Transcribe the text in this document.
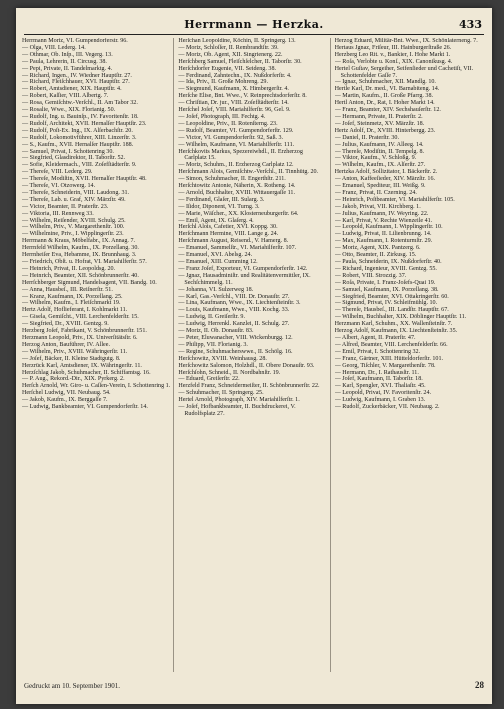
Herrmann — Herzka.	433
Herrmann Moriz, VI. Gumpendorferstr. 96.
— Olga, VIII. Lederg. 14.
— Othmar, Ob. Inſp., III. Vegerg. 13.
— Paula, Lehrerin, II. Circusg. 38.
— Pepi, Private, II. Tandelmarktg. 4.
— Richard, Ingen., IV. Wiedner Hauptſtr. 27.
— Richard, Fleiſchhauer, XVI. Hauptſtr. 27.
— Robert, Amtsdiener, XIX. Hauptſtr. 4.
— Robert, Kaſſier, VIII. Albertg. 7.
— Rosa, Gemiſchtw.-Verſchl., II. Am Tabor 32.
— Rosalie, Wwe., XIX. Florianig. 50.
— Rudolf, Ing. u. Bauinſp., IV. Favoritenſtr. 18.
— Rudolf, Architekt, XVII. Hernalſer Hauptſtr. 23.
— Rudolf, Poſt-Ex. Ing., IX. Alſerbachſtr. 20.
— Rudolf, Lokomotivführer, XIII. Linzerſtr. 3.
— S., Kaufm., XVII. Hernalſer Hauptſtr. 188.
— Samuel, Privat, I. Schottenring 30.
— Siegfried, Glasdirektor, II. Taborſtr. 52.
— Sofie, Kleidermach., VIII. Zoſefſtädterſtr. 9.
— Thereſe, VIII. Lederg. 29.
— Thereſe, Modiſtin, XVII. Hernalſer Hauptſtr. 48.
— Thereſe, VI. Otzowerg. 14.
— Thereſe, Schneiderin, VIII. Laudong. 31.
— Thereſe, Lab. u. Graf, XIV. Märzſtr. 49.
— Victor, Beamter, II. Praterſtr. 23.
— Viktoria, III. Rennweg 33.
— Wilhelm, Reiſender, XVIII. Schulg. 25.
— Wilhelm, Priv., V. Margarethenſtr. 100.
— Wilhelmine, Priv., I. Wipplingerſtr. 23.
Herrmann & Kraus, Möbelfabr., IX. Annag. 7.
Herrnfeld Wilhelm, Kaufm., IX. Porzellang. 30.
Herrnheiſer Eva, Hebamme, IX. Brunnhaug. 3.
— Friedrich, Obſt. u. Hofrat, VI. Mariahilferſtr. 57.
— Heinrich, Privat, II. Leopoldsg. 20.
— Heinrich, Beamter, XII. Schönbrunnerſtr. 40.
Herrſchberger Sigmund, Handelsagent, VII. Bandg. 10.
— Anna, Hausbeſ., III. Reiſnerſtr. 51.
— Kranz, Kaufmann, IX. Porzellang. 25.
— Wilhelm, Kaufm., I. Fleiſchmarkt 19.
Hertz Adolf, Hoflieferant, I. Kohlmarkt 11.
— Gisela, Gemiſcht., VIII. Lerchenfelderſtr. 15.
— Siegfried, Dr., XVIII. Gentzg. 9.
Herzberg Joſef, Fabrikant, V. Schönbrunnerſtr. 151.
Herzmann Leopold, Priv., IX. Univerſitätsſtr. 6.
Herzog Anton, Bauführer, IV. Allee.
— Wilhelm, Priv., XVIII. Währingerſtr. 11.
— Joſef, Bäcker, II. Kleine Stadtgutg. 8.
Herzrück Karl, Amtsdiener, IX. Währingerſtr. 11.
Herzſchlag Jakob, Schuhmacher, II. Schiffamtsg. 16.
— P. Aug., Rekord.-Dir., XIX. Pyrkerg. 2.
Herſch Arnold, Wr. Giro- u. Caſſen-Verein, I. Schottenring 1.
Herſchel Ludwig, VII. Neubaug. 54.
— Jakob, Kaufm., IX. Berggaſſe 7.
— Ludwig, Bankbeamter, VI. Gumpendorferſtr. 14.
Herſchan Leopoldine, Köchin, II. Springerg. 13.
— Moriz, Schloſſer, II. Rembrandtſtr. 39.
— Moriz, Ob. Agent, XII. Singrienerg. 22.
Herſchberg Samuel, Fleiſchſelcher, II. Taborſtr. 30.
Herſchdorfer Eugenie, VII. Seideng. 38.
— Ferdinand, Zahntechn., IX. Nußdorferſtr. 4.
— Ida, Priv., II. Große Mohreng. 29.
— Siegmund, Kaufmann, X. Himbergerſtr. 4.
Herſche Elise, Bnt. Wwe., V. Reinprechtsdorferſtr. 8.
— Chriſtian, Dr. jur., VIII. Zoſefſtädterſtr. 14.
Herſchel Joſef, VIII. Mariahilferſtr. 96, Gel. 9.
— Joſef, Photograph, III. Fechtg. 4.
— Leopoldine, Priv., II. Rotenſterng. 23.
— Rudolf, Beamter, VI. Gumpendorferſtr. 129.
— Victor, VI. Gumpendorferſtr. 92, Saß. 3.
— Wilhelm, Kaufmann, VI. Mariahilferſtr. 111.
Herſchkovits Markus, Spezereiwhdl., II. Erzherzog Carlplatz 15.
— Moriz, Schuhm., II. Erzherzog Carlplatz 12.
Herſchmann Alois, Gemiſchtw.-Verſchl., II. Tinnhütg. 20.
— Simon, Schuhmacher, II. Engerthſtr. 211.
Herſchtowitz Antonie, Näherin, X. Rotheng. 14.
— Arnold, Buchhalter, XVIII. Wittauergaſſe 11.
— Ferdinand, Glaſer, III. Sularg. 3.
— Iſidor, Diponent, VI. Turng. 3.
— Marie, Wäſcher., XX. Klosterneuburgerſtr. 64.
— Emil, Agent, IX. Glaſerg. 4.
Herſchl Alois, Cafetier, XVI. Koppg. 30.
Herſchmann Hermine, VIII. Lange g. 24.
Herſchmann August, Reisend., V. Hamerg. 8.
— Emanuel, Sammelſtr., VI. Mariahilferſtr. 107.
— Emanuel, XVI. Abelsg. 24.
— Emanuel, XIII. Cumming 12.
— Franz Joſef, Exporteur, VI. Gumpendorferſtr. 142.
— Jgnaz, Hausadminiſtr. und Realitätenvermittler, IX. Sechſchimmelg. 11.
— Johanna, VI. Sulzerweg 18.
— Karl, Gas.-Verſchl., VIII. Dr. Donauſtr. 27.
— Lina, Kaufmann, Wwe., IX. Liechtenſteinſtr. 3.
— Louis, Kaufmann, Wwe., VIII. Kochg. 33.
— Ludwig, II. Greiſerſtr. 9.
— Ludwig, Herrenkl. Kanzlei, II. Schulg. 27.
— Moriz, II. Ob. Donauſtr. 83.
— Peter, Eluwanacher, VIII. Wickenburgg. 12.
— Philipp, VII. Florianig. 3.
— Regine, Schuhmacherswwe., II. Schölg. 16.
Herſchowitz, XVIII. Weinhausg. 28.
Herſchowitz Salomon, Holzhdl., II. Obere Donauſtr. 93.
Herſchſohn, Schneid., II. Nordbahnſtr. 19.
— Eduard, Greiſerſtr. 22.
Herzfeld Franz, Schneidermeiſter, II. Schönbrunnerſtr. 22.
— Schuhmacher, II. Springerg. 25.
Hertel Arnold, Photograph, XIV. Mariahilferſtr. 1.
— Joſef, Hofbankbeamter, II. Buchdruckerei, V. Rudolfsplatz 27.
Herzog Eduard, Militär-Bnt. Wwe., IX. Schönlaterneng. 7.
Hertaus Jgnaz, Friſeur, III. Hainburgerſtraße 26.
Herzberg Leo Rit. v., Bankier, I. Hohe Markt 1.
— Roſa, Verlobte u. Konſ., XIX. Canonikusg. 4.
Hertel Guſtav, Sergeiher, Seifenſieder und Cachetiſt, VII. Schottenfelder Gaſſe 7.
— Ignaz, Schuhmacher, XII. Mandlg. 10.
Hertle Karl, Dr. med., VI. Barnabiteng. 14.
— Martin, Kaufm., II. Große Pfarrg. 38.
Hertl Anton, Dr., Rat, I. Hoher Markt 14.
— Franz, Beamter, XIV. Sechshauſerſtr. 12.
— Hermann, Private, II. Praterſtr. 2.
— Joſef, Steinmetz, XV. Märzſtr. 18.
Hertz Adolf, Dr., XVIII. Hinterbergg. 23.
— Daniel, II. Praterſtr. 30.
— Julius, Kaufmann, IV. Alleeg. 14.
— Thereſe, Modiſtin, II. Tempelg. 8.
— Viktor, Kaufm., V. Schloßg. 9.
— Wilhelm, Kaufm., IX. Alſerſtr. 27.
Hertzka Adolf, Sollizitator, I. Bäckerſtr. 2.
— Anton, Kaffeeſieder, XIV. Märzſtr. 16.
— Emanuel, Spediteur, III. Weißg. 9.
— Franz, Privat, II. Czerning. 24.
— Heinrich, Poſtbeamter, VI. Mariahilferſtr. 105.
— Jakob, Privat, VII. Kirchberg. 1.
— Julius, Kaufmann, IV. Weyring. 22.
— Karl, Privat, V. Rechte Wienzeile 41.
— Leopold, Kaufmann, I. Wipplingerſtr. 10.
— Ludwig, Privat, II. Lilienbrunng. 14.
— Max, Kaufmann, I. Rotenturmſtr. 29.
— Moriz, Agent, XIX. Pantzerg. 6.
— Otto, Beamter, II. Zirkusg. 15.
— Paula, Schneiderin, IX. Nußdorferſtr. 40.
— Richard, Ingenieur, XVIII. Gentzg. 55.
— Robert, VIII. Strozzig. 37.
— Roſa, Private, I. Franz-Joſefs-Quai 19.
— Samuel, Kaufmann, IX. Porzellang. 38.
— Siegfried, Beamter, XVI. Ottakringerſtr. 60.
— Sigmund, Privat, IV. Schleifmühlg. 10.
— Thereſe, Hausbeſ., III. Landſtr. Hauptſtr. 67.
— Wilhelm, Buchhalter, XIX. Döblinger Hauptſtr. 11.
Herzmann Karl, Schuhm., XX. Wallenſteinſtr. 7.
Herzog Adolf, Kaufmann, IX. Liechtenſteinſtr. 35.
— Albert, Agent, II. Praterſtr. 47.
— Alfred, Beamter, VIII. Lerchenfelderſtr. 66.
— Emil, Privat, I. Schottenring 32.
— Franz, Gärtner, XIII. Hütteldorferſtr. 101.
— Georg, Tiſchler, V. Margarethenſtr. 78.
— Hermann, Dr., I. Rathausſtr. 11.
— Joſef, Kaufmann, II. Taborſtr. 18.
— Karl, Spengler, XVI. Thaliaſtr. 45.
— Leopold, Privat, IV. Favoritenſtr. 24.
— Ludwig, Kaufmann, I. Graben 13.
— Rudolf, Zuckerbäcker, VII. Neubaug. 2.
Gedruckt am 10. September 1901.	28
